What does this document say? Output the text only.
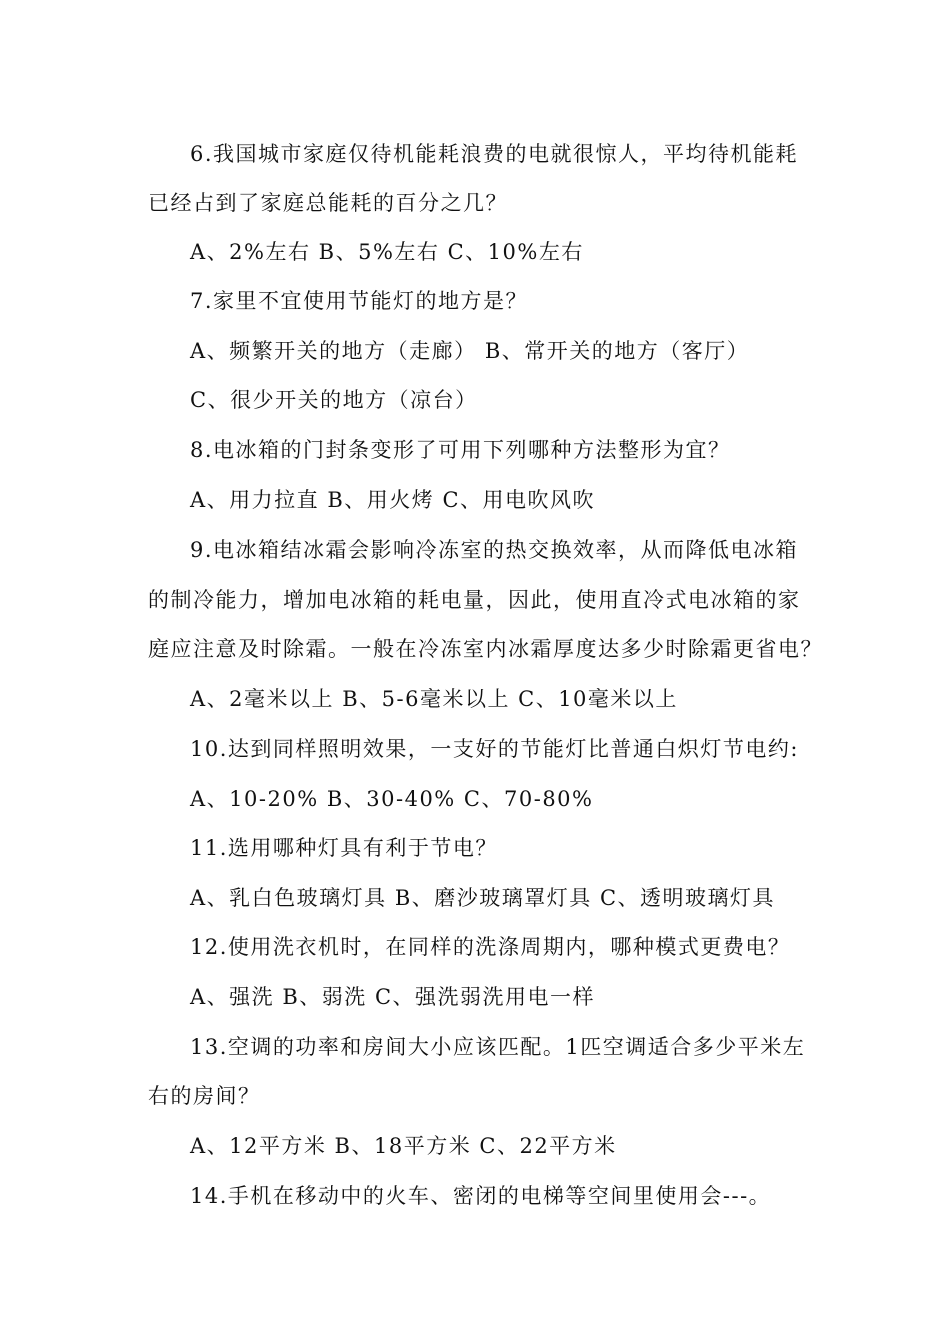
6.我国城市家庭仅待机能耗浪费的电就很惊人，平均待机能耗
已经占到了家庭总能耗的百分之几？
A、2%左右 B、5%左右 C、10%左右
7.家里不宜使用节能灯的地方是？
A、频繁开关的地方（走廊） B、常开关的地方（客厅）
C、很少开关的地方（凉台）
8.电冰箱的门封条变形了可用下列哪种方法整形为宜？
A、用力拉直 B、用火烤 C、用电吹风吹
9.电冰箱结冰霜会影响冷冻室的热交换效率，从而降低电冰箱
的制冷能力，增加电冰箱的耗电量，因此，使用直冷式电冰箱的家
庭应注意及时除霜。一般在冷冻室内冰霜厚度达多少时除霜更省电？
A、2毫米以上 B、5-6毫米以上 C、10毫米以上
10.达到同样照明效果，一支好的节能灯比普通白炽灯节电约:
A、10-20% B、30-40% C、70-80%
11.选用哪种灯具有利于节电？
A、乳白色玻璃灯具 B、磨沙玻璃罩灯具 C、透明玻璃灯具
12.使用洗衣机时，在同样的洗涤周期内，哪种模式更费电？
A、强洗 B、弱洗 C、强洗弱洗用电一样
13.空调的功率和房间大小应该匹配。1匹空调适合多少平米左
右的房间？
A、12平方米 B、18平方米 C、22平方米
14.手机在移动中的火车、密闭的电梯等空间里使用会---。
